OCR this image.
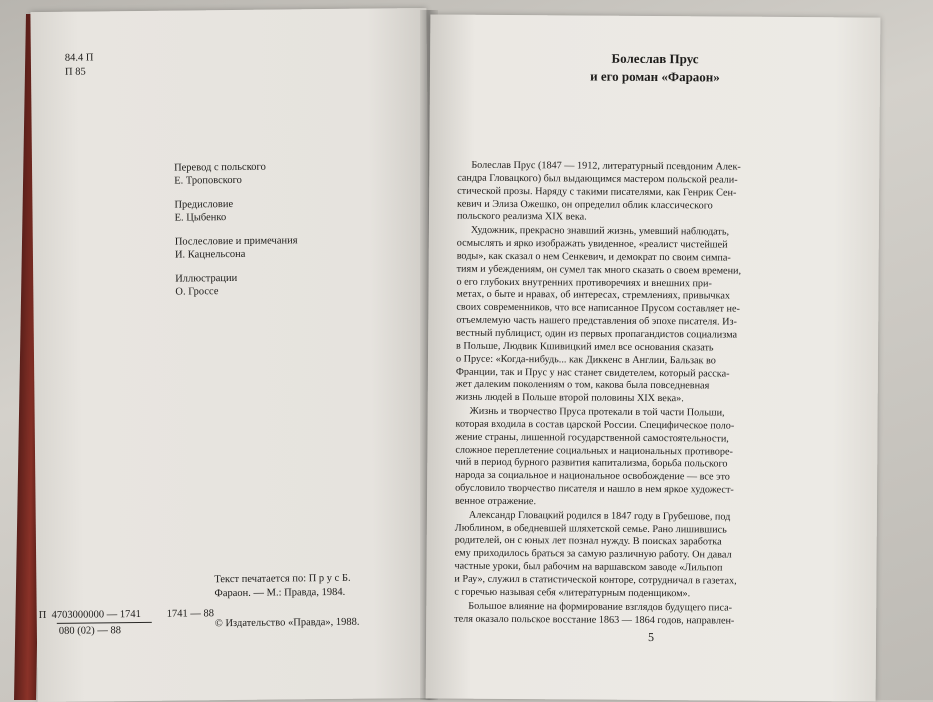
84.4 П
П 85
Перевод с польского
Е. Троповского
Предисловие
Е. Цыбенко
Послесловие и примечания
И. Кацнельсона
Иллюстрации
О. Гроссе
Текст печатается по: П р у с Б.
Фараон. — М.: Правда, 1984.
П  4703000000 — 1741 1741 — 88
080 (02) — 88
© Издательство «Правда», 1988.
Болеслав Прус
и его роман «Фараон»

Болеслав Прус (1847 — 1912, литературный псевдоним Алек-
сандра Гловацкого) был выдающимся мастером польской реали-
стической прозы. Наряду с такими писателями, как Генрик Сен-
кевич и Элиза Ожешко, он определил облик классического
польского реализма XIX века.

Художник, прекрасно знавший жизнь, умевший наблюдать,
осмыслять и ярко изображать увиденное, «реалист чистейшей
воды», как сказал о нем Сенкевич, и демократ по своим симпа-
тиям и убеждениям, он сумел так много сказать о своем времени,
о его глубоких внутренних противоречиях и внешних при-
метах, о быте и нравах, об интересах, стремлениях, привычках
своих современников, что все написанное Прусом составляет не-
отъемлемую часть нашего представления об эпохе писателя. Из-
вестный публицист, один из первых пропагандистов социализма
в Польше, Людвик Кшивицкий имел все основания сказать
о Прусе: «Когда-нибудь... как Диккенс в Англии, Бальзак во
Франции, так и Прус у нас станет свидетелем, который расска-
жет далеким поколениям о том, какова была повседневная
жизнь людей в Польше второй половины XIX века».

Жизнь и творчество Пруса протекали в той части Польши,
которая входила в состав царской России. Специфическое поло-
жение страны, лишенной государственной самостоятельности,
сложное переплетение социальных и национальных противоре-
чий в период бурного развития капитализма, борьба польского
народа за социальное и национальное освобождение — все это
обусловило творчество писателя и нашло в нем яркое художест-
венное отражение.

Александр Гловацкий родился в 1847 году в Грубешове, под
Люблином, в обедневшей шляхетской семье. Рано лишившись
родителей, он с юных лет познал нужду. В поисках заработка
ему приходилось браться за самую различную работу. Он давал
частные уроки, был рабочим на варшавском заводе «Лильпоп
и Рау», служил в статистической конторе, сотрудничал в газетах,
с горечью называя себя «литературным поденщиком».

Большое влияние на формирование взглядов будущего писа-
теля оказало польское восстание 1863 — 1864 годов, направлен-

5
